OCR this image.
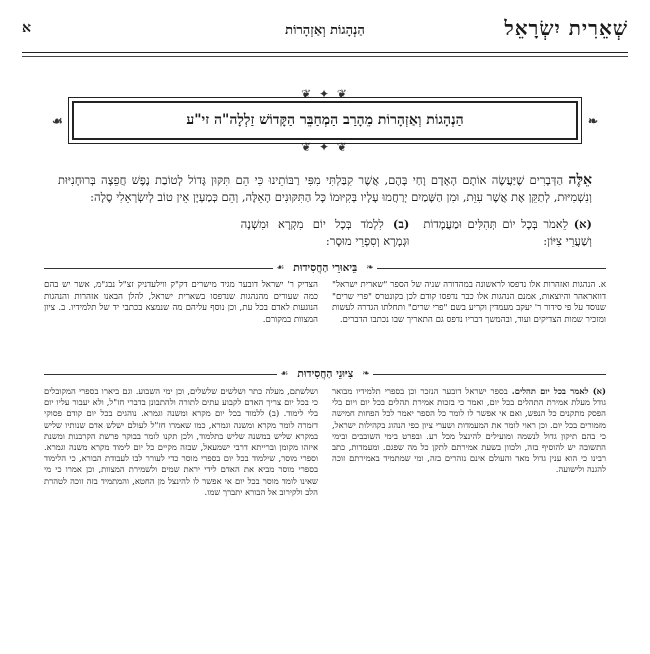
שְׁאֵרִית יִשְׂרָאֵל
הַנְהָגוֹת וְאַזְהָרוֹת
א
❦ ✦ ❦
❧
הַנְהָגוֹת וְאַזְהָרוֹת מֵהָרַב הַמְחַבֵּר הַקָּדוֹשׁ זַלְלָה"ה זי"ע
☙
❦ ✦ ❦
אֵלֶּה הַדְּבָרִים שֶׁיַּעֲשֶׂה אוֹתָם הָאָדָם וָחַי בָּהֶם, אֲשֶׁר קִבַּלְתִּי מִפִּי רַבּוֹתֵינוּ כִּי הֵם תִּקּוּן גָּדוֹל לְטוֹבַת נֶפֶשׁ חֲפֵצָה בְּרוּחָנִיּוּת וְנִשְׁמִיּוּת, לְתַקֵּן אֶת אֲשֶׁר עִוֵּת, וּמִן הַשָּׁמַיִם יְרַחֲמוּ עָלָיו בְּקִיּוּמוֹ כָּל הַתִּקּוּנִים הָאֵלֶּה, וְהֵם כְּמַעְיָן אֵין טוֹב לְיִשְׂרְאֵלִי סֶלָה:
(א) לֵאמֹר בְּכָל יוֹם תְּהִלִּים וּמַעֲמָדוֹת וְשַׁעֲרֵי צִיּוֹן:
(ב) לִלְמֹד בְּכָל יוֹם מִקְרָא וּמִשְׁנָה וּגְמָרָא וְסִפְרֵי מוּסָר:
❧
בֵּיאוּרֵי הַחֲסִידוּת
☙

א. הנהגות ואזהרות אלו נדפסו לראשונה במהדורה שניה של הספר "שארית ישראל" דוואראהר והיוצאות, אמנם הנהגות אלו כבר נדפסו קודם לכן בקונטרס "פרי שרים" שנוסד על פי סידור ר' יעקב מעמדין וקריע בשם "פרי שרים" ותחלתו הגדרה לעשות ומזכיר שמות הצדיקים ועוד, ובהמשך דבריו נדפס גם התאריך שבו נכתבו הדברים.

הצדיק ר' ישראל דובער מגיד מישרים דק"ק ווילעדניק זצ"ל נבג"מ, אשר יש בהם כמה שעורים מהנהגות שנדפסו בשארית ישראל, להלן הבאנו אזהרות והנהגות הנוגעות לאדם בכל עת, וכן נוסף עליהם מה שנמצא בכתבי יד של תלמידיו. ב. ציון המצוות במקורם.

❧
צִיּוּנֵי הַחֲסִידוּת
☙

(א) לאמר בכל יום תהלים. בספר ישראל דובער הנזכר וכן בספרי תלמידיו מבואר גודל מעלת אמירת התהלים בכל יום, ואמר כי בזכות אמירת תהלים בכל יום ויום בלי הפסק מתקנים כל הנפש, ואם אי אפשר לו לומר כל הספר יאמר לכל הפחות חמישה מזמורים בכל יום. וכן ראוי לומר את המעמדות ושערי ציון כפי הנהוג בקהילות ישראל, כי בהם תיקון גדול לנשמה ומועילים להינצל מכל רע. ובפרט בימי השובבים ובימי התשובה יש להוסיף בזה, ולכוון בשעת אמירתם לתקן כל מה שפגם. ומעמדות, כתב רבינו כי הוא ענין גדול מאד והעולם אינם נזהרים בזה, ומי שמתמיד באמירתם זוכה להגנה ולישועה.

ושלשתם, מעלה כתר ושלשים שלשלים, וכן ימי השבוע. וגם ביארו בספרי המקובלים כי בכל יום צריך האדם לקבוע עתים לתורה ולהתבונן בדברי חז"ל, ולא יעבור עליו יום בלי לימוד. (ב) ללמוד בכל יום מקרא ומשנה וגמרא. נוהגים בכל יום קודם פסוקי דזמרה לומר מקרא ומשנה וגמרא, כמו שאמרו חז"ל לעולם ישלש אדם שנותיו שליש במקרא שליש במשנה שליש בתלמוד, ולכן תקנו לומר בבוקר פרשת הקרבנות ומשנת איזהו מקומן וברייתא דרבי ישמעאל, שבזה מקיים כל יום לימוד מקרא משנה וגמרא. וספרי מוסר, שילמוד בכל יום בספרי מוסר כדי לעורר לבו לעבודת הבורא, כי הלימוד בספרי מוסר מביא את האדם לידי יראת שמים ולשמירת המצוות, וכן אמרו כי מי שאינו לומד מוסר בכל יום אי אפשר לו להינצל מן החטא, והמתמיד בזה זוכה לטהרת הלב ולקירוב אל הבורא יתברך שמו.
